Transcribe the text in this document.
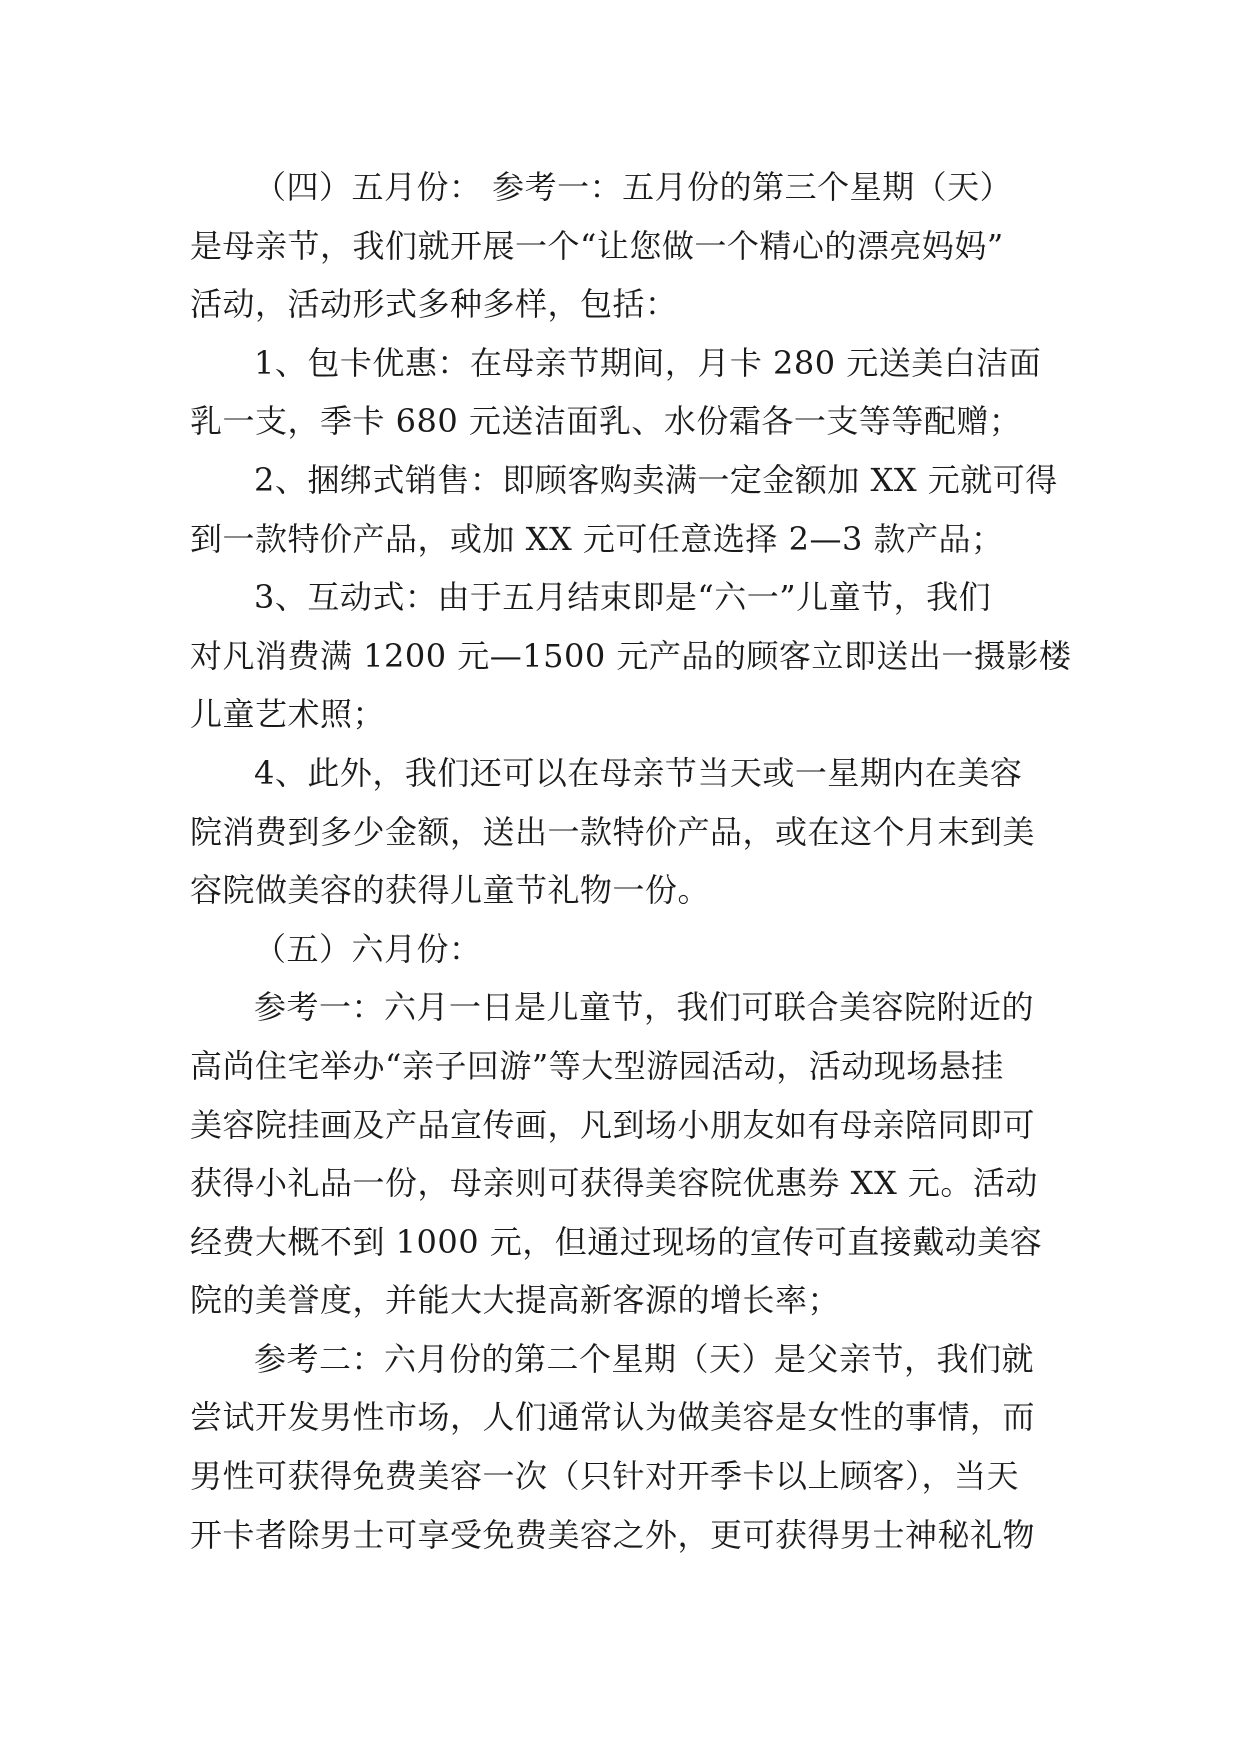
（四）五月份： 参考一：五月份的第三个星期（天）
是母亲节，我们就开展一个“让您做一个精心的漂亮妈妈”
活动，活动形式多种多样，包括：
1、包卡优惠：在母亲节期间，月卡 280 元送美白洁面
乳一支，季卡 680 元送洁面乳、水份霜各一支等等配赠；
2、捆绑式销售：即顾客购卖满一定金额加 XX 元就可得
到一款特价产品，或加 XX 元可任意选择 2—3 款产品；
3、互动式：由于五月结束即是“六一”儿童节，我们
对凡消费满 1200 元—1500 元产品的顾客立即送出一摄影楼
儿童艺术照；
4、此外，我们还可以在母亲节当天或一星期内在美容
院消费到多少金额，送出一款特价产品，或在这个月末到美
容院做美容的获得儿童节礼物一份。
（五）六月份：
参考一：六月一日是儿童节，我们可联合美容院附近的
高尚住宅举办“亲子回游”等大型游园活动，活动现场悬挂
美容院挂画及产品宣传画，凡到场小朋友如有母亲陪同即可
获得小礼品一份，母亲则可获得美容院优惠券 XX 元。活动
经费大概不到 1000 元，但通过现场的宣传可直接戴动美容
院的美誉度，并能大大提高新客源的增长率；
参考二：六月份的第二个星期（天）是父亲节，我们就
尝试开发男性市场，人们通常认为做美容是女性的事情，而
男性可获得免费美容一次（只针对开季卡以上顾客），当天
开卡者除男士可享受免费美容之外，更可获得男士神秘礼物
